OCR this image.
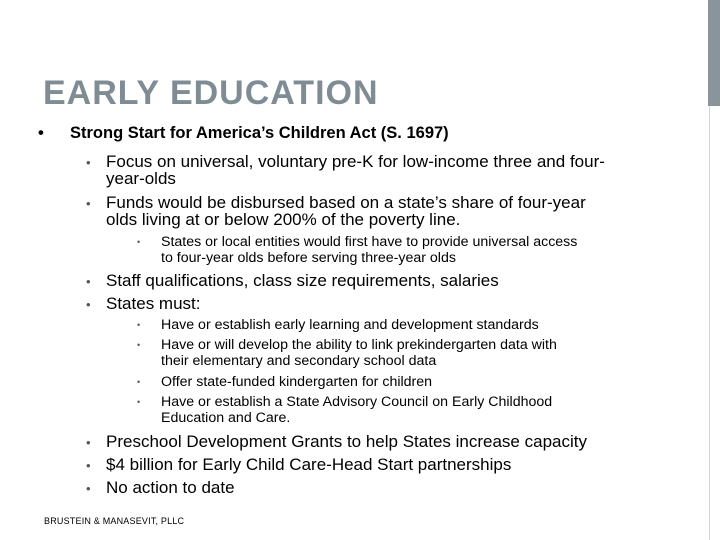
EARLY EDUCATION
• Strong Start for America’s Children Act (S. 1697)
• Focus on universal, voluntary pre-K for low-income three and four-
year-olds
• Funds would be disbursed based on a state’s share of four-year
olds living at or below 200% of the poverty line.
• States or local entities would first have to provide universal access
to four-year olds before serving three-year olds
• Staff qualifications, class size requirements, salaries
• States must:
• Have or establish early learning and development standards
• Have or will develop the ability to link prekindergarten data with
their elementary and secondary school data
• Offer state-funded kindergarten for children
• Have or establish a State Advisory Council on Early Childhood
Education and Care.
• Preschool Development Grants to help States increase capacity
• $4 billion for Early Child Care-Head Start partnerships
• No action to date
BRUSTEIN & MANASEVIT, PLLC
